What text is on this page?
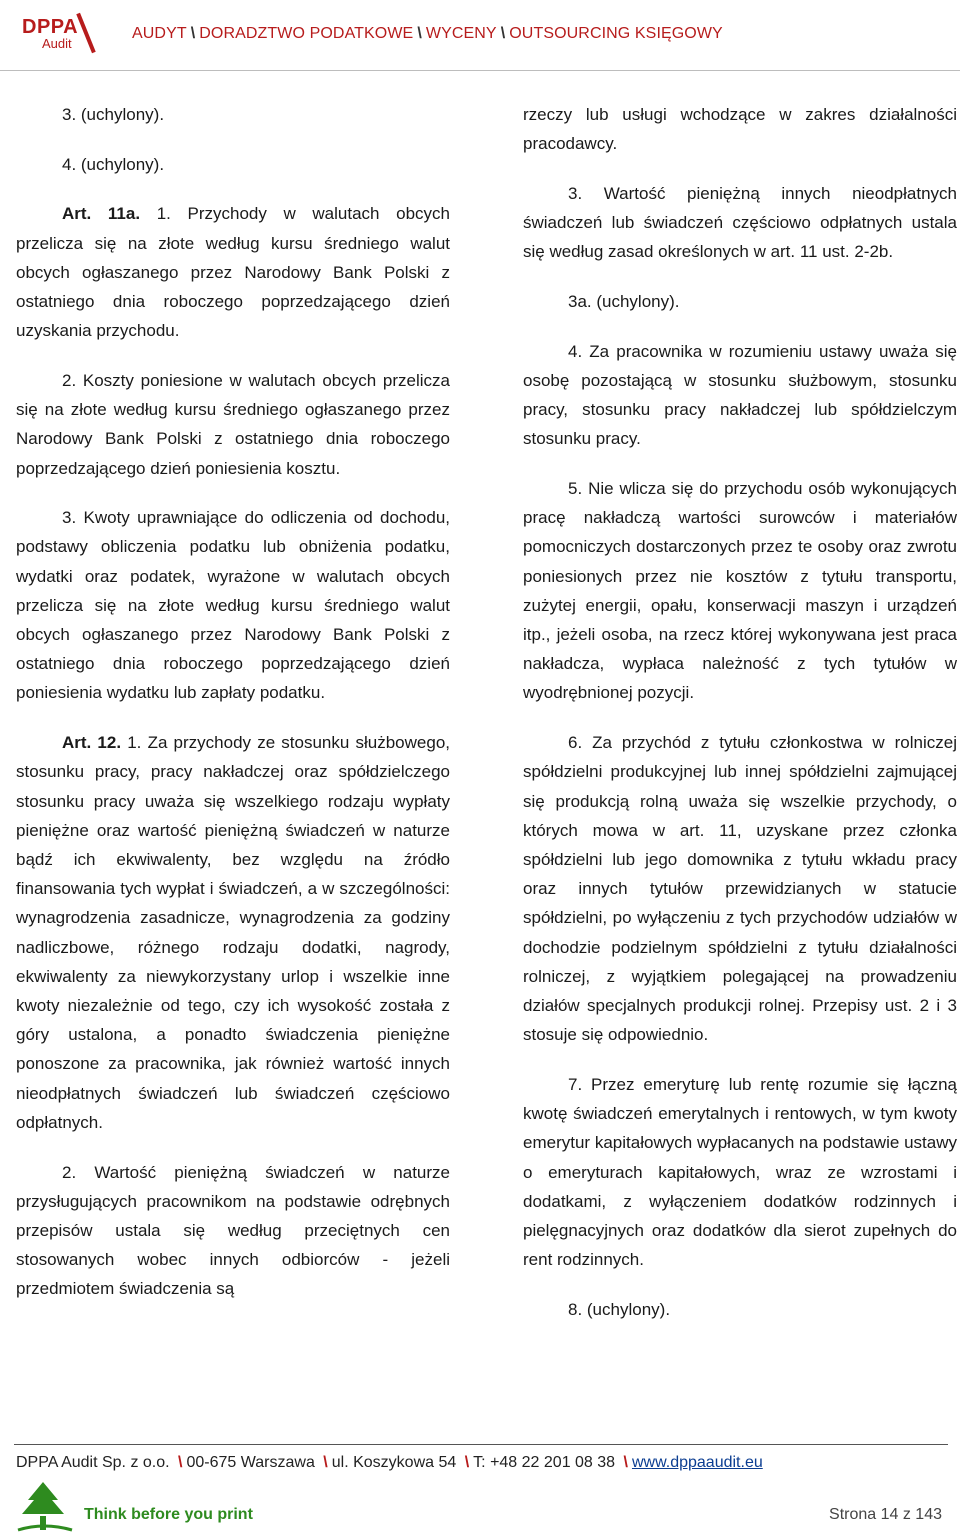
DPPA
Audit
AUDYT \ DORADZTWO PODATKOWE \ WYCENY \ OUTSOURCING KSIĘGOWY

3. (uchylony).

4. (uchylony).

Art. 11a. 1. Przychody w walutach obcych przelicza się na złote według kursu średniego walut obcych ogłaszanego przez Narodowy Bank Polski z ostatniego dnia roboczego poprzedzającego dzień uzyskania przychodu.

2. Koszty poniesione w walutach obcych przelicza się na złote według kursu średniego ogłaszanego przez Narodowy Bank Polski z ostatniego dnia roboczego poprzedzającego dzień poniesienia kosztu.

3. Kwoty uprawniające do odliczenia od dochodu, podstawy obliczenia podatku lub obniżenia podatku, wydatki oraz podatek, wyrażone w walutach obcych przelicza się na złote według kursu średniego walut obcych ogłaszanego przez Narodowy Bank Polski z ostatniego dnia roboczego poprzedzającego dzień poniesienia wydatku lub zapłaty podatku.

Art. 12. 1. Za przychody ze stosunku służbowego, stosunku pracy, pracy nakładczej oraz spółdzielczego stosunku pracy uważa się wszelkiego rodzaju wypłaty pieniężne oraz wartość pieniężną świadczeń w naturze bądź ich ekwiwalenty, bez względu na źródło finansowania tych wypłat i świadczeń, a w szczególności: wynagrodzenia zasadnicze, wynagrodzenia za godziny nadliczbowe, różnego rodzaju dodatki, nagrody, ekwiwalenty za niewykorzystany urlop i wszelkie inne kwoty niezależnie od tego, czy ich wysokość została z góry ustalona, a ponadto świadczenia pieniężne ponoszone za pracownika, jak również wartość innych nieodpłatnych świadczeń lub świadczeń częściowo odpłatnych.

2. Wartość pieniężną świadczeń w naturze przysługujących pracownikom na podstawie odrębnych przepisów ustala się według przeciętnych cen stosowanych wobec innych odbiorców - jeżeli przedmiotem świadczenia są

rzeczy lub usługi wchodzące w zakres działalności pracodawcy.

3. Wartość pieniężną innych nieodpłatnych świadczeń lub świadczeń częściowo odpłatnych ustala się według zasad określonych w art. 11 ust. 2-2b.

3a. (uchylony).

4. Za pracownika w rozumieniu ustawy uważa się osobę pozostającą w stosunku służbowym, stosunku pracy, stosunku pracy nakładczej lub spółdzielczym stosunku pracy.

5. Nie wlicza się do przychodu osób wykonujących pracę nakładczą wartości surowców i materiałów pomocniczych dostarczonych przez te osoby oraz zwrotu poniesionych przez nie kosztów z tytułu transportu, zużytej energii, opału, konserwacji maszyn i urządzeń itp., jeżeli osoba, na rzecz której wykonywana jest praca nakładcza, wypłaca należność z tych tytułów w wyodrębnionej pozycji.

6. Za przychód z tytułu członkostwa w rolniczej spółdzielni produkcyjnej lub innej spółdzielni zajmującej się produkcją rolną uważa się wszelkie przychody, o których mowa w art. 11, uzyskane przez członka spółdzielni lub jego domownika z tytułu wkładu pracy oraz innych tytułów przewidzianych w statucie spółdzielni, po wyłączeniu z tych przychodów udziałów w dochodzie podzielnym spółdzielni z tytułu działalności rolniczej, z wyjątkiem polegającej na prowadzeniu działów specjalnych produkcji rolnej. Przepisy ust. 2 i 3 stosuje się odpowiednio.

7. Przez emeryturę lub rentę rozumie się łączną kwotę świadczeń emerytalnych i rentowych, w tym kwoty emerytur kapitałowych wypłacanych na podstawie ustawy o emeryturach kapitałowych, wraz ze wzrostami i dodatkami, z wyłączeniem dodatków rodzinnych i pielęgnacyjnych oraz dodatków dla sierot zupełnych do rent rodzinnych.

8. (uchylony).

DPPA Audit Sp. z o.o. \ 00-675 Warszawa \ ul. Koszykowa 54 \ T: +48 22 201 08 38 \ www.dppaaudit.eu
Think before you print	Strona 14 z 143
